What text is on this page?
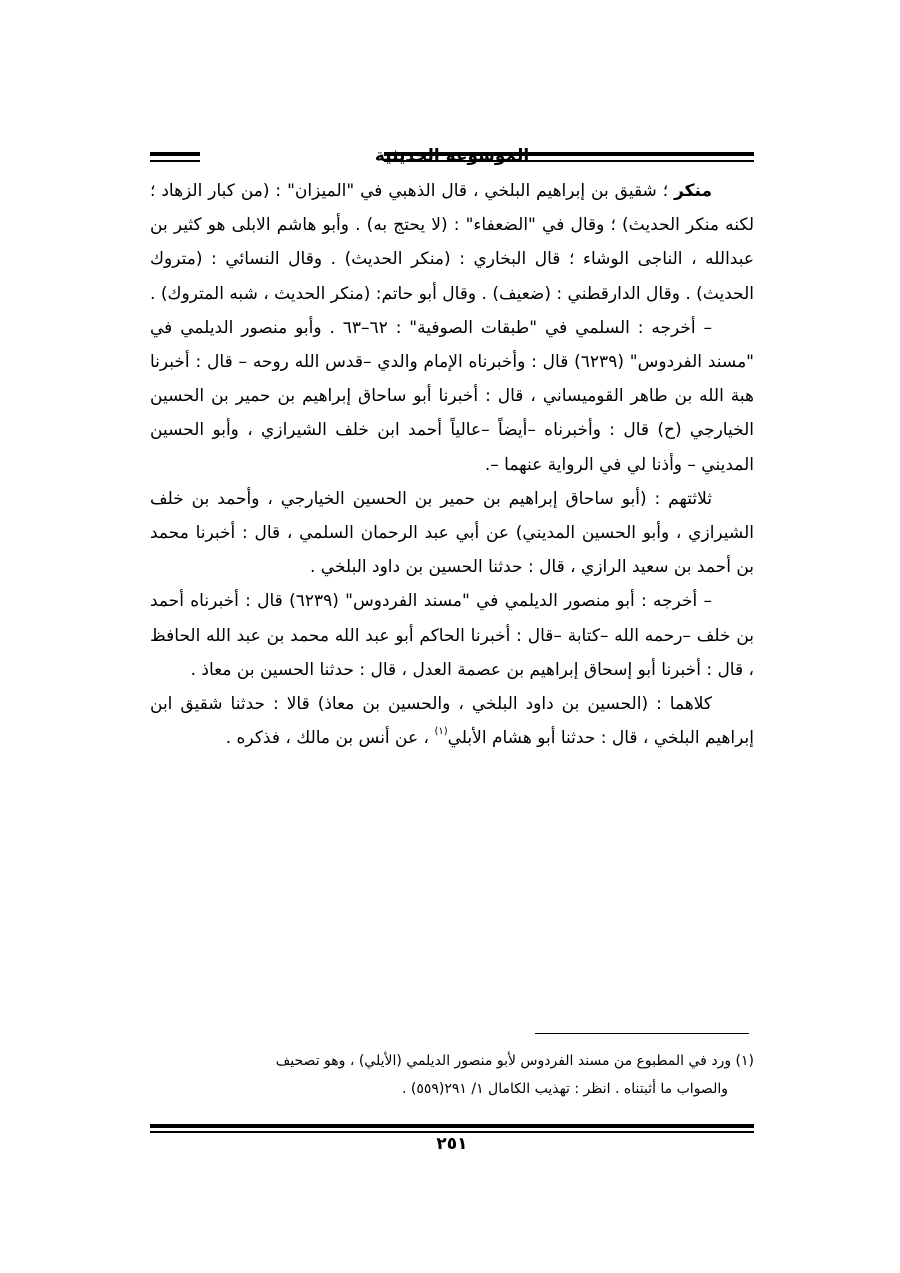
الموسوعة الحديثية

منكر ؛ شقيق بن إبراهيم البلخي ، قال الذهبي في "الميزان" : (من كبار الزهاد ؛ لكنه منكر الحديث) ؛ وقال في "الضعفاء" : (لا يحتج به) . وأبو هاشم الابلى هو كثير بن عبدالله ، الناجى الوشاء ؛ قال البخاري : (منكر الحديث) . وقال النسائي : (متروك الحديث) . وقال الدارقطني : (ضعيف) . وقال أبو حاتم: (منكر الحديث ، شبه المتروك) .

– أخرجه : السلمي في "طبقات الصوفية" : ٦٢–٦٣ . وأبو منصور الديلمي في "مسند الفردوس" (٦٢٣٩) قال : وأخبرناه الإمام والدي –قدس الله روحه – قال : أخبرنا هبة الله بن طاهر القوميساني ، قال : أخبرنا أبو ساحاق إبراهيم بن حمير بن الحسين الخيارجي (ح) قال : وأخبرناه –أيضاً –عالياً أحمد ابن خلف الشيرازي ، وأبو الحسين المديني – وأذنا لي في الرواية عنهما –.

ثلاثتهم : (أبو ساحاق إبراهيم بن حمير بن الحسين الخيارجي ، وأحمد بن خلف الشيرازي ، وأبو الحسين المديني) عن أبي عبد الرحمان السلمي ، قال : أخبرنا محمد بن أحمد بن سعيد الرازي ، قال : حدثنا الحسين بن داود البلخي .

– أخرجه : أبو منصور الديلمي في "مسند الفردوس" (٦٢٣٩) قال : أخبرناه أحمد بن خلف –رحمه الله –كتابة –قال : أخبرنا الحاكم أبو عبد الله محمد بن عبد الله الحافظ ، قال : أخبرنا أبو إسحاق إبراهيم بن عصمة العدل ، قال : حدثنا الحسين بن معاذ .

كلاهما : (الحسين بن داود البلخي ، والحسين بن معاذ) قالا : حدثنا شقيق ابن إبراهيم البلخي ، قال : حدثنا أبو هشام الأبلي$^{(١)}$ ، عن أنس بن مالك ، فذكره .

(١) ورد في المطبوع من مسند الفردوس لأبو منصور الديلمي (الأيلي) ، وهو تصحيف

والصواب ما أثبتناه . انظر : تهذيب الكامال ١/ ٢٩١(٥٥٩) .

٢٥١
